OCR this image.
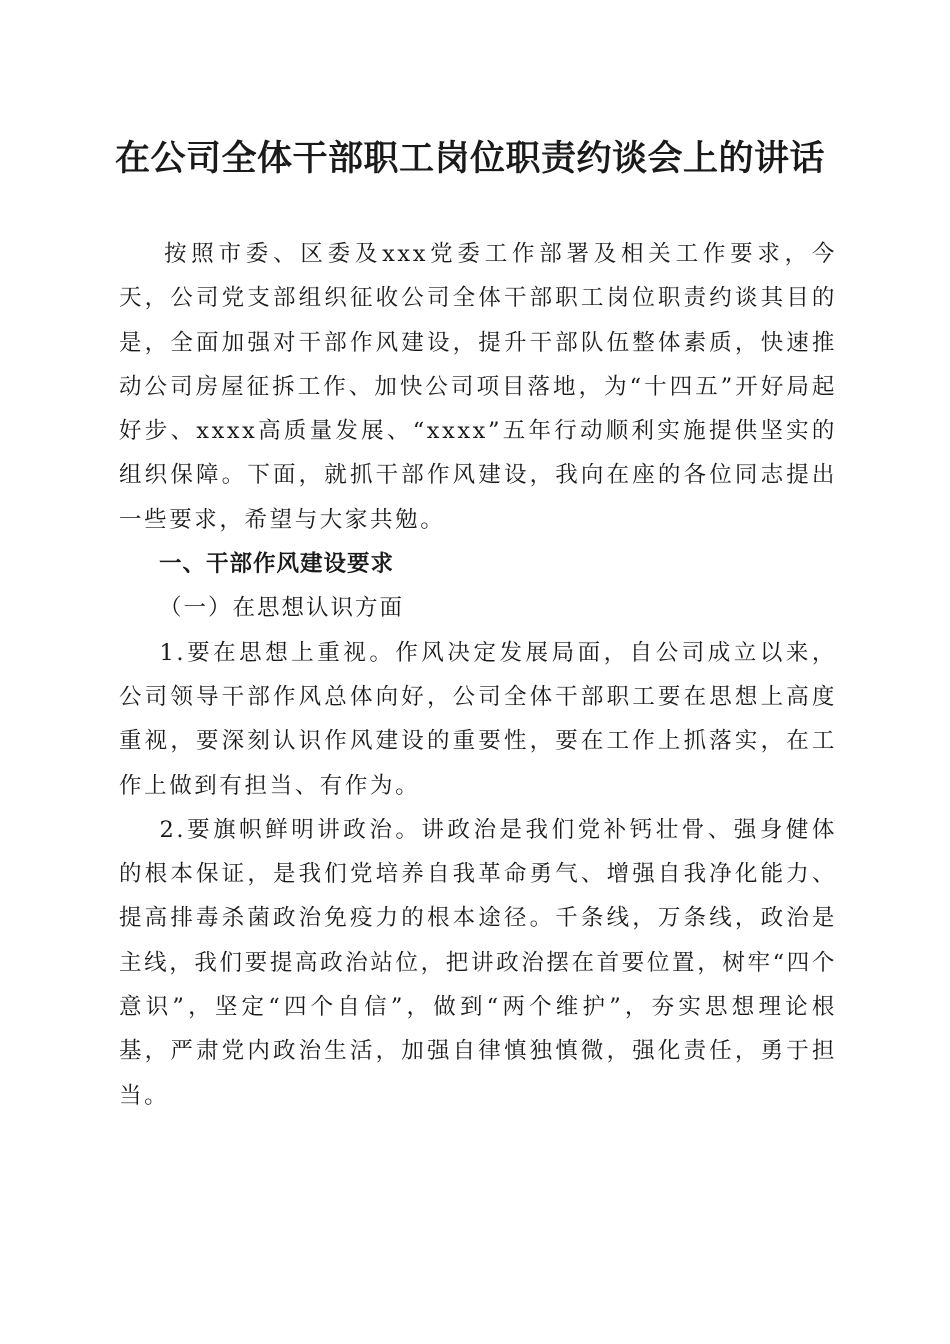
在公司全体干部职工岗位职责约谈会上的讲话

按照市委、区委及xxx党委工作部署及相关工作要求，今天，公司党支部组织征收公司全体干部职工岗位职责约谈其目的是，全面加强对干部作风建设，提升干部队伍整体素质，快速推动公司房屋征拆工作、加快公司项目落地，为“十四五”开好局起好步、xxxx高质量发展、“xxxx”五年行动顺利实施提供坚实的组织保障。下面，就抓干部作风建设，我向在座的各位同志提出一些要求，希望与大家共勉。

一、干部作风建设要求

（一）在思想认识方面

1.要在思想上重视。作风决定发展局面，自公司成立以来，公司领导干部作风总体向好，公司全体干部职工要在思想上高度重视，要深刻认识作风建设的重要性，要在工作上抓落实，在工作上做到有担当、有作为。

2.要旗帜鲜明讲政治。讲政治是我们党补钙壮骨、强身健体的根本保证，是我们党培养自我革命勇气、增强自我净化能力、提高排毒杀菌政治免疫力的根本途径。千条线，万条线，政治是主线，我们要提高政治站位，把讲政治摆在首要位置，树牢“四个意识”，坚定“四个自信”，做到“两个维护”，夯实思想理论根基，严肃党内政治生活，加强自律慎独慎微，强化责任，勇于担当。
